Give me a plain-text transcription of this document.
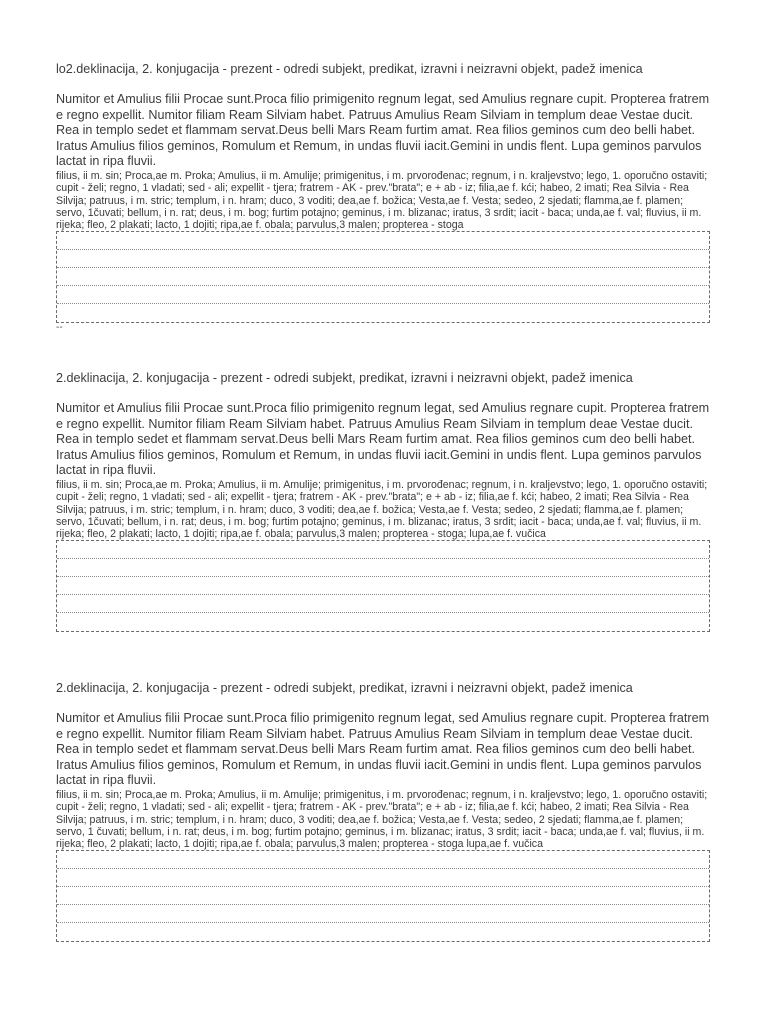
lo2.deklinacija, 2. konjugacija - prezent - odredi subjekt, predikat, izravni i neizravni objekt, padež imenica
Numitor et Amulius filii Procae sunt.Proca filio primigenito regnum legat, sed Amulius regnare cupit. Propterea fratrem e regno expellit. Numitor filiam Ream Silviam habet. Patruus Amulius Ream Silviam in templum deae Vestae ducit. Rea in templo sedet et flammam servat.Deus belli Mars Ream furtim amat. Rea filios geminos cum deo belli habet. Iratus Amulius filios geminos, Romulum et Remum, in undas fluvii iacit.Gemini in undis flent. Lupa geminos parvulos lactat in ripa fluvii.
filius, ii m. sin; Proca,ae m. Proka; Amulius, ii m. Amulije; primigenitus, i m. prvorođenac; regnum, i n. kraljevstvo; lego, 1. oporučno ostaviti; cupit - želi; regno, 1 vladati; sed - ali; expellit - tjera; fratrem - AK - prev."brata"; e + ab - iz; filia,ae f. kći; habeo, 2 imati; Rea Silvia - Rea Silvija; patruus, i m. stric; templum, i n. hram; duco, 3 voditi; dea,ae f. božica; Vesta,ae f. Vesta; sedeo, 2 sjedati; flamma,ae f. plamen; servo, 1čuvati; bellum, i n. rat; deus, i m. bog; furtim potajno; geminus, i m. blizanac; iratus, 3 srdit; iacit - baca; unda,ae f. val; fluvius, ii m. rijeka; fleo, 2 plakati; lacto, 1 dojiti; ripa,ae f. obala; parvulus,3 malen; propterea - stoga
--
2.deklinacija, 2. konjugacija - prezent - odredi subjekt, predikat, izravni i neizravni objekt, padež imenica
Numitor et Amulius filii Procae sunt.Proca filio primigenito regnum legat, sed Amulius regnare cupit. Propterea fratrem e regno expellit. Numitor filiam Ream Silviam habet. Patruus Amulius Ream Silviam in templum deae Vestae ducit. Rea in templo sedet et flammam servat.Deus belli Mars Ream furtim amat. Rea filios geminos cum deo belli habet. Iratus Amulius filios geminos, Romulum et Remum, in undas fluvii iacit.Gemini in undis flent. Lupa geminos parvulos lactat in ripa fluvii.
filius, ii m. sin; Proca,ae m. Proka; Amulius, ii m. Amulije; primigenitus, i m. prvorođenac; regnum, i n. kraljevstvo; lego, 1. oporučno ostaviti; cupit - želi; regno, 1 vladati; sed - ali; expellit - tjera; fratrem - AK - prev."brata"; e + ab - iz; filia,ae f. kći; habeo, 2 imati; Rea Silvia - Rea Silvija; patruus, i m. stric; templum, i n. hram; duco, 3 voditi; dea,ae f. božica; Vesta,ae f. Vesta; sedeo, 2 sjedati; flamma,ae f. plamen; servo, 1čuvati; bellum, i n. rat; deus, i m. bog; furtim potajno; geminus, i m. blizanac; iratus, 3 srdit; iacit - baca; unda,ae f. val; fluvius, ii m. rijeka; fleo, 2 plakati; lacto, 1 dojiti; ripa,ae f. obala; parvulus,3 malen; propterea - stoga; lupa,ae f. vučica
2.deklinacija, 2. konjugacija - prezent - odredi subjekt, predikat, izravni i neizravni objekt, padež imenica
Numitor et Amulius filii Procae sunt.Proca filio primigenito regnum legat, sed Amulius regnare cupit. Propterea fratrem e regno expellit. Numitor filiam Ream Silviam habet. Patruus Amulius Ream Silviam in templum deae Vestae ducit. Rea in templo sedet et flammam servat.Deus belli Mars Ream furtim amat. Rea filios geminos cum deo belli habet. Iratus Amulius filios geminos, Romulum et Remum, in undas fluvii iacit.Gemini in undis flent. Lupa geminos parvulos lactat in ripa fluvii.
filius, ii m. sin; Proca,ae m. Proka; Amulius, ii m. Amulije; primigenitus, i m. prvorođenac; regnum, i n. kraljevstvo; lego, 1. oporučno ostaviti; cupit - želi; regno, 1 vladati; sed - ali; expellit - tjera; fratrem - AK - prev."brata"; e + ab - iz; filia,ae f. kći; habeo, 2 imati; Rea Silvia - Rea Silvija; patruus, i m. stric; templum, i n. hram; duco, 3 voditi; dea,ae f. božica; Vesta,ae f. Vesta; sedeo, 2 sjedati; flamma,ae f. plamen; servo, 1 čuvati; bellum, i n. rat; deus, i m. bog; furtim potajno; geminus, i m. blizanac; iratus, 3 srdit; iacit - baca; unda,ae f. val; fluvius, ii m. rijeka; fleo, 2 plakati; lacto, 1 dojiti; ripa,ae f. obala; parvulus,3 malen; propterea - stoga lupa,ae f. vučica
